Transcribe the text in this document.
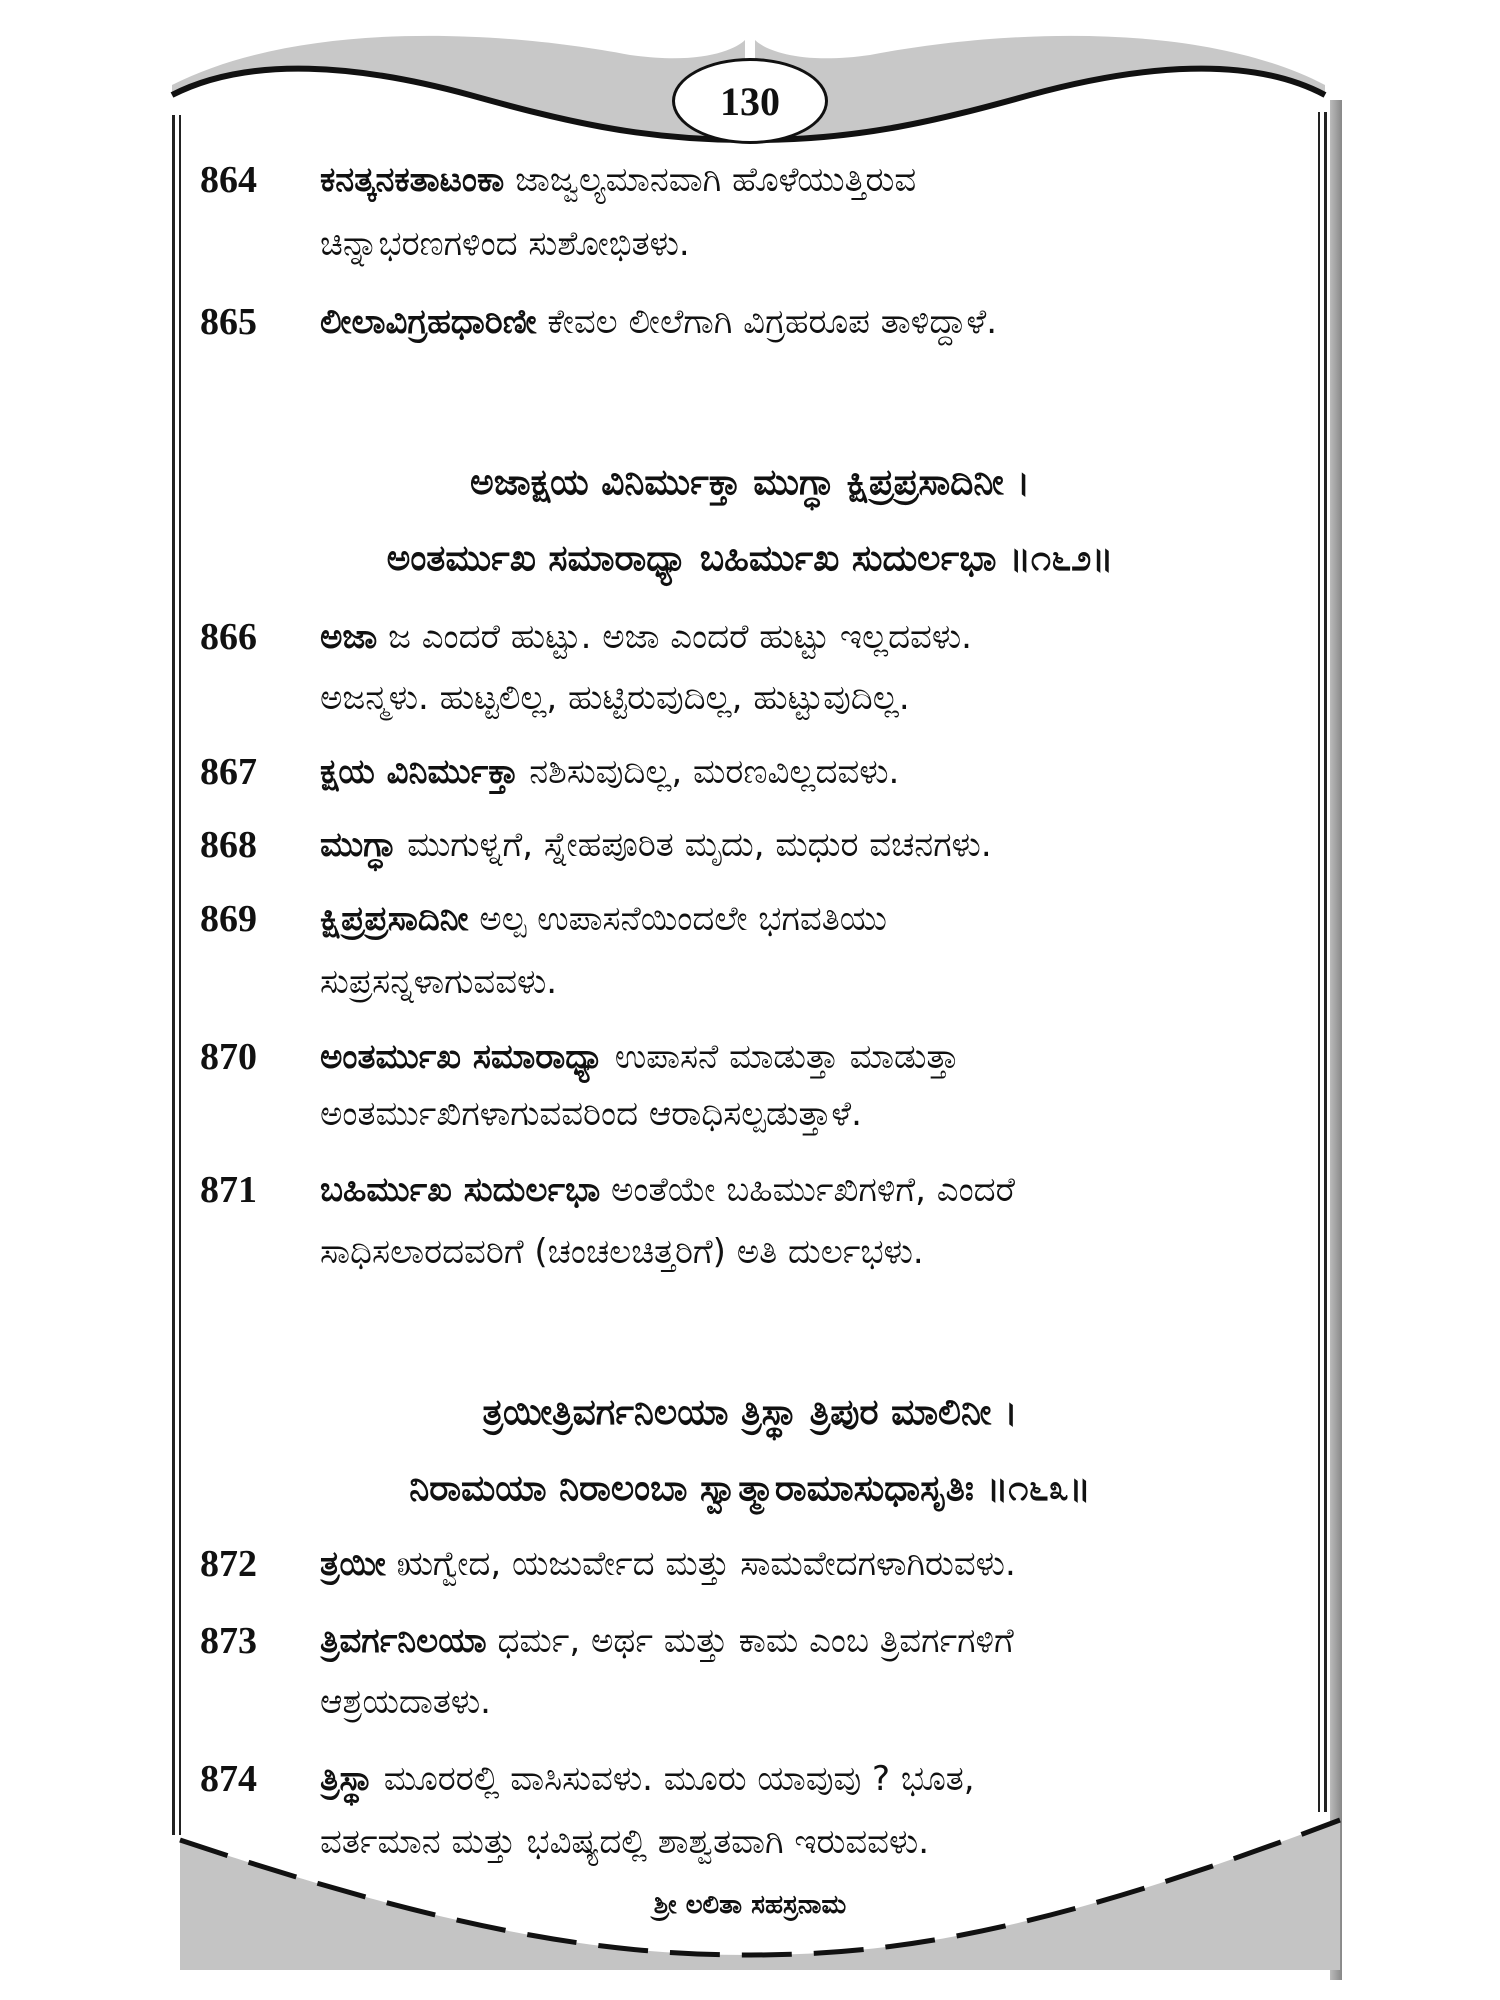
130
864	ಕನತ್ಕನಕತಾಟಂಕಾ ಜಾಜ್ವಲ್ಯಮಾನವಾಗಿ ಹೊಳೆಯುತ್ತಿರುವ
ಚಿನ್ನಾಭರಣಗಳಿಂದ ಸುಶೋಭಿತಳು.
865	ಲೀಲಾವಿಗ್ರಹಧಾರಿಣೀ ಕೇವಲ ಲೀಲೆಗಾಗಿ ವಿಗ್ರಹರೂಪ ತಾಳಿದ್ದಾಳೆ.
ಅಜಾಕ್ಷಯ ವಿನಿರ್ಮುಕ್ತಾ ಮುಗ್ಧಾ ಕ್ಷಿಪ್ರಪ್ರಸಾದಿನೀ ।
ಅಂತರ್ಮುಖ ಸಮಾರಾಧ್ಯಾ ಬಹಿರ್ಮುಖ ಸುದುರ್ಲಭಾ ॥೧೬೨॥
866	ಅಜಾ ಜ ಎಂದರೆ ಹುಟ್ಟು. ಅಜಾ ಎಂದರೆ ಹುಟ್ಟು ಇಲ್ಲದವಳು.
ಅಜನ್ಮಳು. ಹುಟ್ಟಲಿಲ್ಲ, ಹುಟ್ಟಿರುವುದಿಲ್ಲ, ಹುಟ್ಟುವುದಿಲ್ಲ.
867	ಕ್ಷಯ ವಿನಿರ್ಮುಕ್ತಾ ನಶಿಸುವುದಿಲ್ಲ, ಮರಣವಿಲ್ಲದವಳು.
868	ಮುಗ್ಧಾ ಮುಗುಳ್ನಗೆ, ಸ್ನೇಹಪೂರಿತ ಮೃದು, ಮಧುರ ವಚನಗಳು.
869	ಕ್ಷಿಪ್ರಪ್ರಸಾದಿನೀ ಅಲ್ಪ ಉಪಾಸನೆಯಿಂದಲೇ ಭಗವತಿಯು
ಸುಪ್ರಸನ್ನಳಾಗುವವಳು.
870	ಅಂತರ್ಮುಖ ಸಮಾರಾಧ್ಯಾ ಉಪಾಸನೆ ಮಾಡುತ್ತಾ ಮಾಡುತ್ತಾ
ಅಂತರ್ಮುಖಿಗಳಾಗುವವರಿಂದ ಆರಾಧಿಸಲ್ಪಡುತ್ತಾಳೆ.
871	ಬಹಿರ್ಮುಖ ಸುದುರ್ಲಭಾ ಅಂತೆಯೇ ಬಹಿರ್ಮುಖಿಗಳಿಗೆ, ಎಂದರೆ
ಸಾಧಿಸಲಾರದವರಿಗೆ (ಚಂಚಲಚಿತ್ತರಿಗೆ) ಅತಿ ದುರ್ಲಭಳು.
ತ್ರಯೀತ್ರಿವರ್ಗನಿಲಯಾ ತ್ರಿಸ್ಥಾ ತ್ರಿಪುರ ಮಾಲಿನೀ ।
ನಿರಾಮಯಾ ನಿರಾಲಂಬಾ ಸ್ವಾತ್ಮಾರಾಮಾಸುಧಾಸೃತಿಃ ॥೧೬೩॥
872	ತ್ರಯೀ ಋಗ್ವೇದ, ಯಜುರ್ವೇದ ಮತ್ತು ಸಾಮವೇದಗಳಾಗಿರುವಳು.
873	ತ್ರಿವರ್ಗನಿಲಯಾ ಧರ್ಮ, ಅರ್ಥ ಮತ್ತು ಕಾಮ ಎಂಬ ತ್ರಿವರ್ಗಗಳಿಗೆ
ಆಶ್ರಯದಾತಳು.
874	ತ್ರಿಸ್ಥಾ ಮೂರರಲ್ಲಿ ವಾಸಿಸುವಳು. ಮೂರು ಯಾವುವು ? ಭೂತ,
ವರ್ತಮಾನ ಮತ್ತು ಭವಿಷ್ಯದಲ್ಲಿ ಶಾಶ್ವತವಾಗಿ ಇರುವವಳು.
ಶ್ರೀ ಲಲಿತಾ ಸಹಸ್ರನಾಮ
